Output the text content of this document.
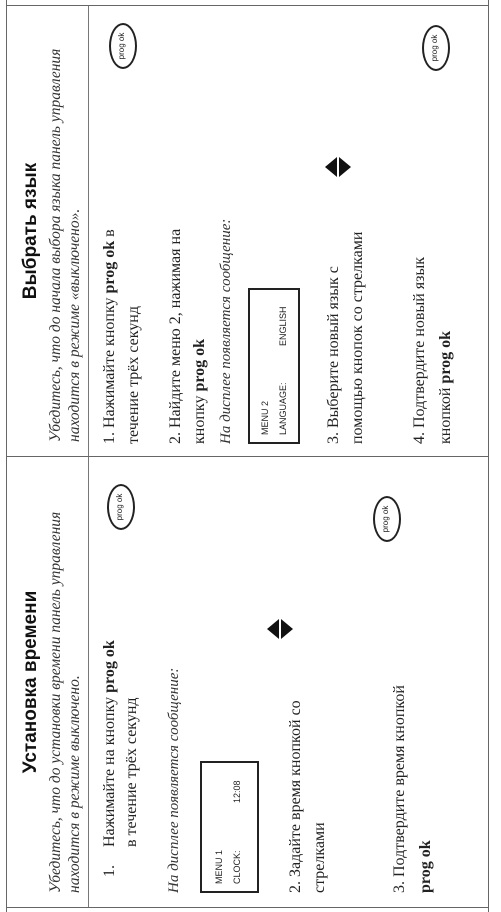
Установка времени Убедитесь, что до установки времени панель управления находится в режиме выключено. 1.
Нажимайте на кнопку prog ok
в течение трёх секунд
prog ok
На дисплее появляется сообщение:	MENU 1 CLOCK:
12:08	2. Задайте время кнопкой со стрелками	3. Подтвердите время кнопкой prog ok
prog ok
Выбрать язык Убедитесь, что до начала выбора языка панель управления находится в режиме «выключено». 1. Нажимайте кнопку prog ok в
течение трёх секунд
prog ok
2. Найдите меню 2, нажимая на кнопку prog ok На дисплее появляется сообщение:	MENU 2 LANGUAGE:
ENGLISH 3. Выберите новый язык с помощью кнопок со стрелками	4. Подтвердите новый язык кнопкой prog ok
prog ok
